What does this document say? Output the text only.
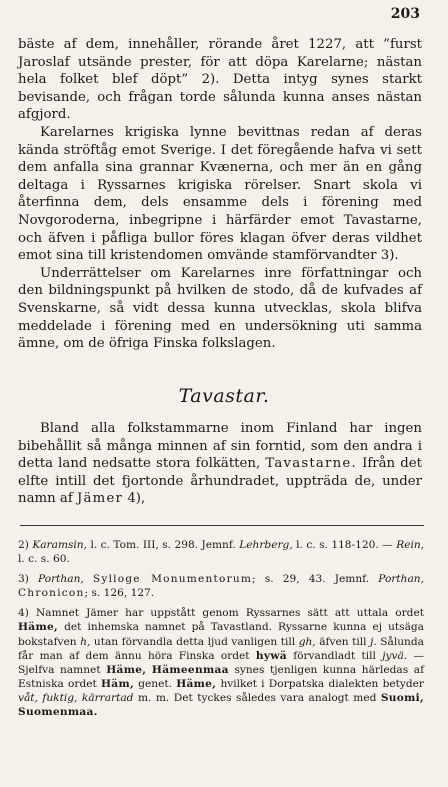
203

bäste af dem, innehåller, rörande året 1227, att ”furst Jaroslaf utsände prester, för att döpa Karelarne; nästan hela folket blef döpt” 2). Detta intyg synes starkt bevisande, och frågan torde sålunda kunna anses nästan afgjord.

Karelarnes krigiska lynne bevittnas redan af deras kända ströftåg emot Sverige. I det föregående hafva vi sett dem anfalla sina grannar Kvænerna, och mer än en gång deltaga i Ryssarnes krigiska rörelser. Snart skola vi återfinna dem, dels ensamme dels i förening med Novgoroderna, inbegripne i härfärder emot Tavastarne, och äfven i påfliga bullor föres klagan öfver deras vildhet emot sina till kristendomen omvände stamförvandter 3).

Underrättelser om Karelarnes inre författningar och den bildningspunkt på hvilken de stodo, då de kufvades af Svenskarne, så vidt dessa kunna utvecklas, skola blifva meddelade i förening med en undersökning uti samma ämne, om de öfriga Finska folkslagen.

Tavastar.

Bland alla folkstammarne inom Finland har ingen bibehållit så många minnen af sin forntid, som den andra i detta land nedsatte stora folkätten, Tavastarne. Ifrån det elfte intill det fjortonde århundradet, uppträda de, under namn af Jämer 4),

2) Karamsin, l. c. Tom. III, s. 298. Jemnf. Lehrberg, l. c. s. 118-120. — Rein, l. c. s. 60.

3) Porthan, Sylloge Monumentorum; s. 29, 43. Jemnf. Porthan, Chronicon; s. 126, 127.

4) Namnet Jämer har uppstått genom Ryssarnes sätt att uttala ordet Häme, det inhemska namnet på Tavastland. Ryssarne kunna ej utsäga bokstafven h, utan förvandla detta ljud vanligen till gh, äfven till j. Sålunda får man af dem ännu höra Finska ordet hywä förvandladt till jyvä. — Sjelfva namnet Häme, Hämeenmaa synes tjenligen kunna härledas af Estniska ordet Häm, genet. Häme, hvilket i Dorpatska dialekten betyder våt, fuktig, kärrartad m. m. Det tyckes således vara analogt med Suomi, Suomenmaa.
